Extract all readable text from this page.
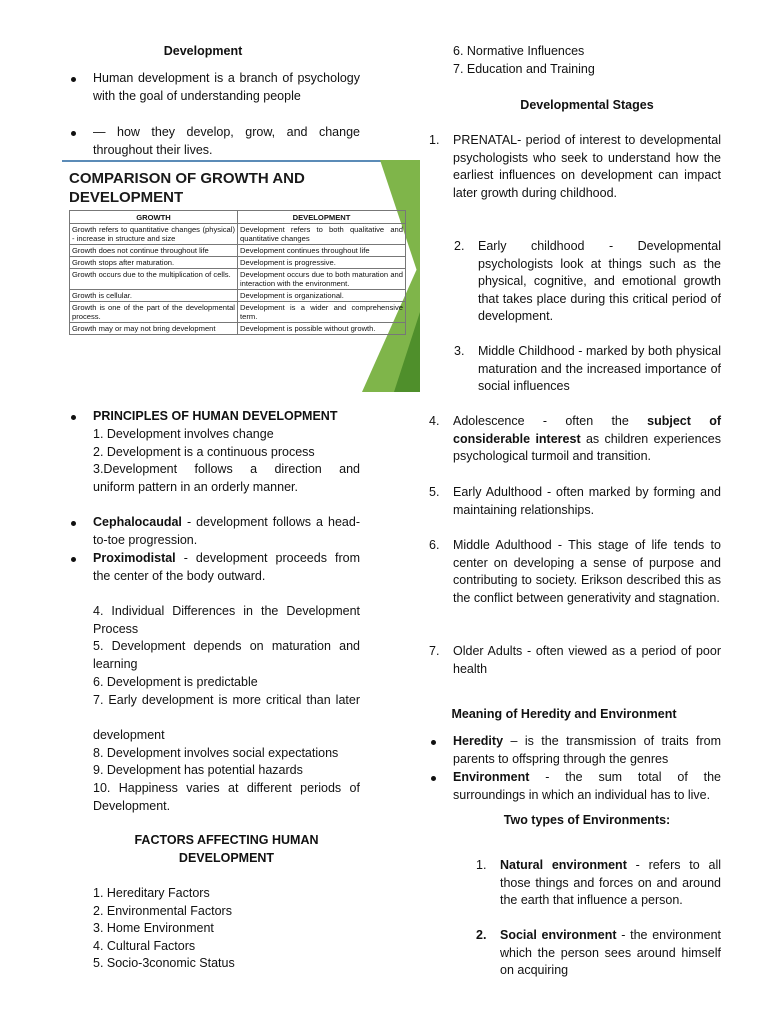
Development
Human development is a branch of psychology with the goal of understanding people
— how they develop, grow, and change throughout their lives.
COMPARISON OF GROWTH AND
DEVELOPMENT
GROWTH	DEVELOPMENT
Growth refers to quantitative changes (physical) - increase in structure and size	Development refers to both qualitative and quantitative changes
Growth does not continue throughout life	Development continues throughout life
Growth stops after maturation.	Development is progressive.
Growth occurs due to the multiplication of cells.	Development occurs due to both maturation and interaction with the environment.
Growth is cellular.	Development is organizational.
Growth is one of the part of the developmental process.	Development is a wider and comprehensive term.
Growth may or may not bring development	Development is possible without growth.
PRINCIPLES OF HUMAN DEVELOPMENT
1. Development involves change
2. Development is a continuous process
3.Development follows a direction and
uniform pattern in an orderly manner.
Cephalocaudal - development follows a head-to-toe progression.
Proximodistal - development proceeds from the center of the body outward.
4. Individual Differences in the Development Process
5. Development depends on maturation and learning
6. Development is predictable
7. Early development is more critical than later
development
8. Development involves social expectations
9. Development has potential hazards
10. Happiness varies at different periods of Development.
FACTORS AFFECTING HUMAN
DEVELOPMENT
1. Hereditary Factors
2. Environmental Factors
3. Home Environment
4. Cultural Factors
5. Socio-3conomic Status
6. Normative Influences
7. Education and Training
Developmental Stages
1. PRENATAL- period of interest to developmental psychologists who seek to understand how the earliest influences on development can impact later growth during childhood.
2. Early childhood - Developmental psychologists look at things such as the physical, cognitive, and emotional growth that takes place during this critical period of development.
3. Middle Childhood - marked by both physical maturation and the increased importance of social influences
4. Adolescence - often the subject of considerable interest as children experiences psychological turmoil and transition.
5. Early Adulthood - often marked by forming and maintaining relationships.
6. Middle Adulthood - This stage of life tends to center on developing a sense of purpose and contributing to society. Erikson described this as the conflict between generativity and stagnation.
7. Older Adults - often viewed as a period of poor health
Meaning of Heredity and Environment
Heredity – is the transmission of traits from parents to offspring through the genres
Environment - the sum total of the surroundings in which an individual has to live.
Two types of Environments:
1. Natural environment - refers to all those things and forces on and around the earth that influence a person.
2. Social environment - the environment which the person sees around himself on acquiring
